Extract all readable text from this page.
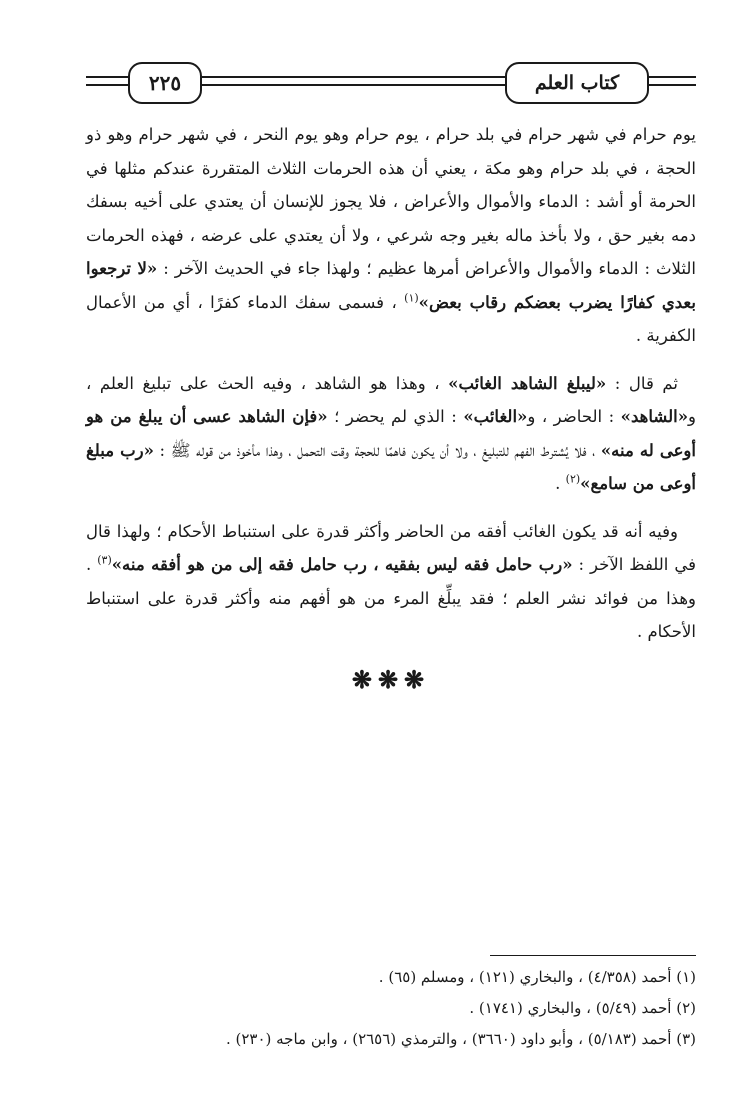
كتاب العلم
٢٢٥

يوم حرام في شهر حرام في بلد حرام ، يوم حرام وهو يوم النحر ، في شهر حرام وهو ذو الحجة ، في بلد حرام وهو مكة ، يعني أن هذه الحرمات الثلاث المتقررة عندكم مثلها في الحرمة أو أشد : الدماء والأموال والأعراض ، فلا يجوز للإنسان أن يعتدي على أخيه بسفك دمه بغير حق ، ولا بأخذ ماله بغير وجه شرعي ، ولا أن يعتدي على عرضه ، فهذه الحرمات الثلاث : الدماء والأموال والأعراض أمرها عظيم ؛ ولهذا جاء في الحديث الآخر : «لا ترجعوا بعدي كفارًا يضرب بعضكم رقاب بعض»$^{(١)}$ ، فسمى سفك الدماء كفرًا ، أي من الأعمال الكفرية .

ثم قال : «ليبلغ الشاهد الغائب» ، وهذا هو الشاهد ، وفيه الحث على تبليغ العلم ، و«الشاهد» : الحاضر ، و«الغائب» : الذي لم يحضر ؛ «فإن الشاهد عسى أن يبلغ من هو أوعى له منه» ، فلا يُشترط الفهم للتبليغ ، ولا أن يكون فاهمًا للحجة وقت التحمل ، وهذا مأخوذ من قوله ﷺ : «رب مبلغ أوعى من سامع»$^{(٢)}$ .

وفيه أنه قد يكون الغائب أفقه من الحاضر وأكثر قدرة على استنباط الأحكام ؛ ولهذا قال في اللفظ الآخر : «رب حامل فقه ليس بفقيه ، رب حامل فقه إلى من هو أفقه منه»$^{(٣)}$ . وهذا من فوائد نشر العلم ؛ فقد يبلِّغ المرء من هو أفهم منه وأكثر قدرة على استنباط الأحكام .

❋❋❋
(١) أحمد (٤/٣٥٨) ، والبخاري (١٢١) ، ومسلم (٦٥) .
(٢) أحمد (٥/٤٩) ، والبخاري (١٧٤١) .
(٣) أحمد (٥/١٨٣) ، وأبو داود (٣٦٦٠) ، والترمذي (٢٦٥٦) ، وابن ماجه (٢٣٠) .
